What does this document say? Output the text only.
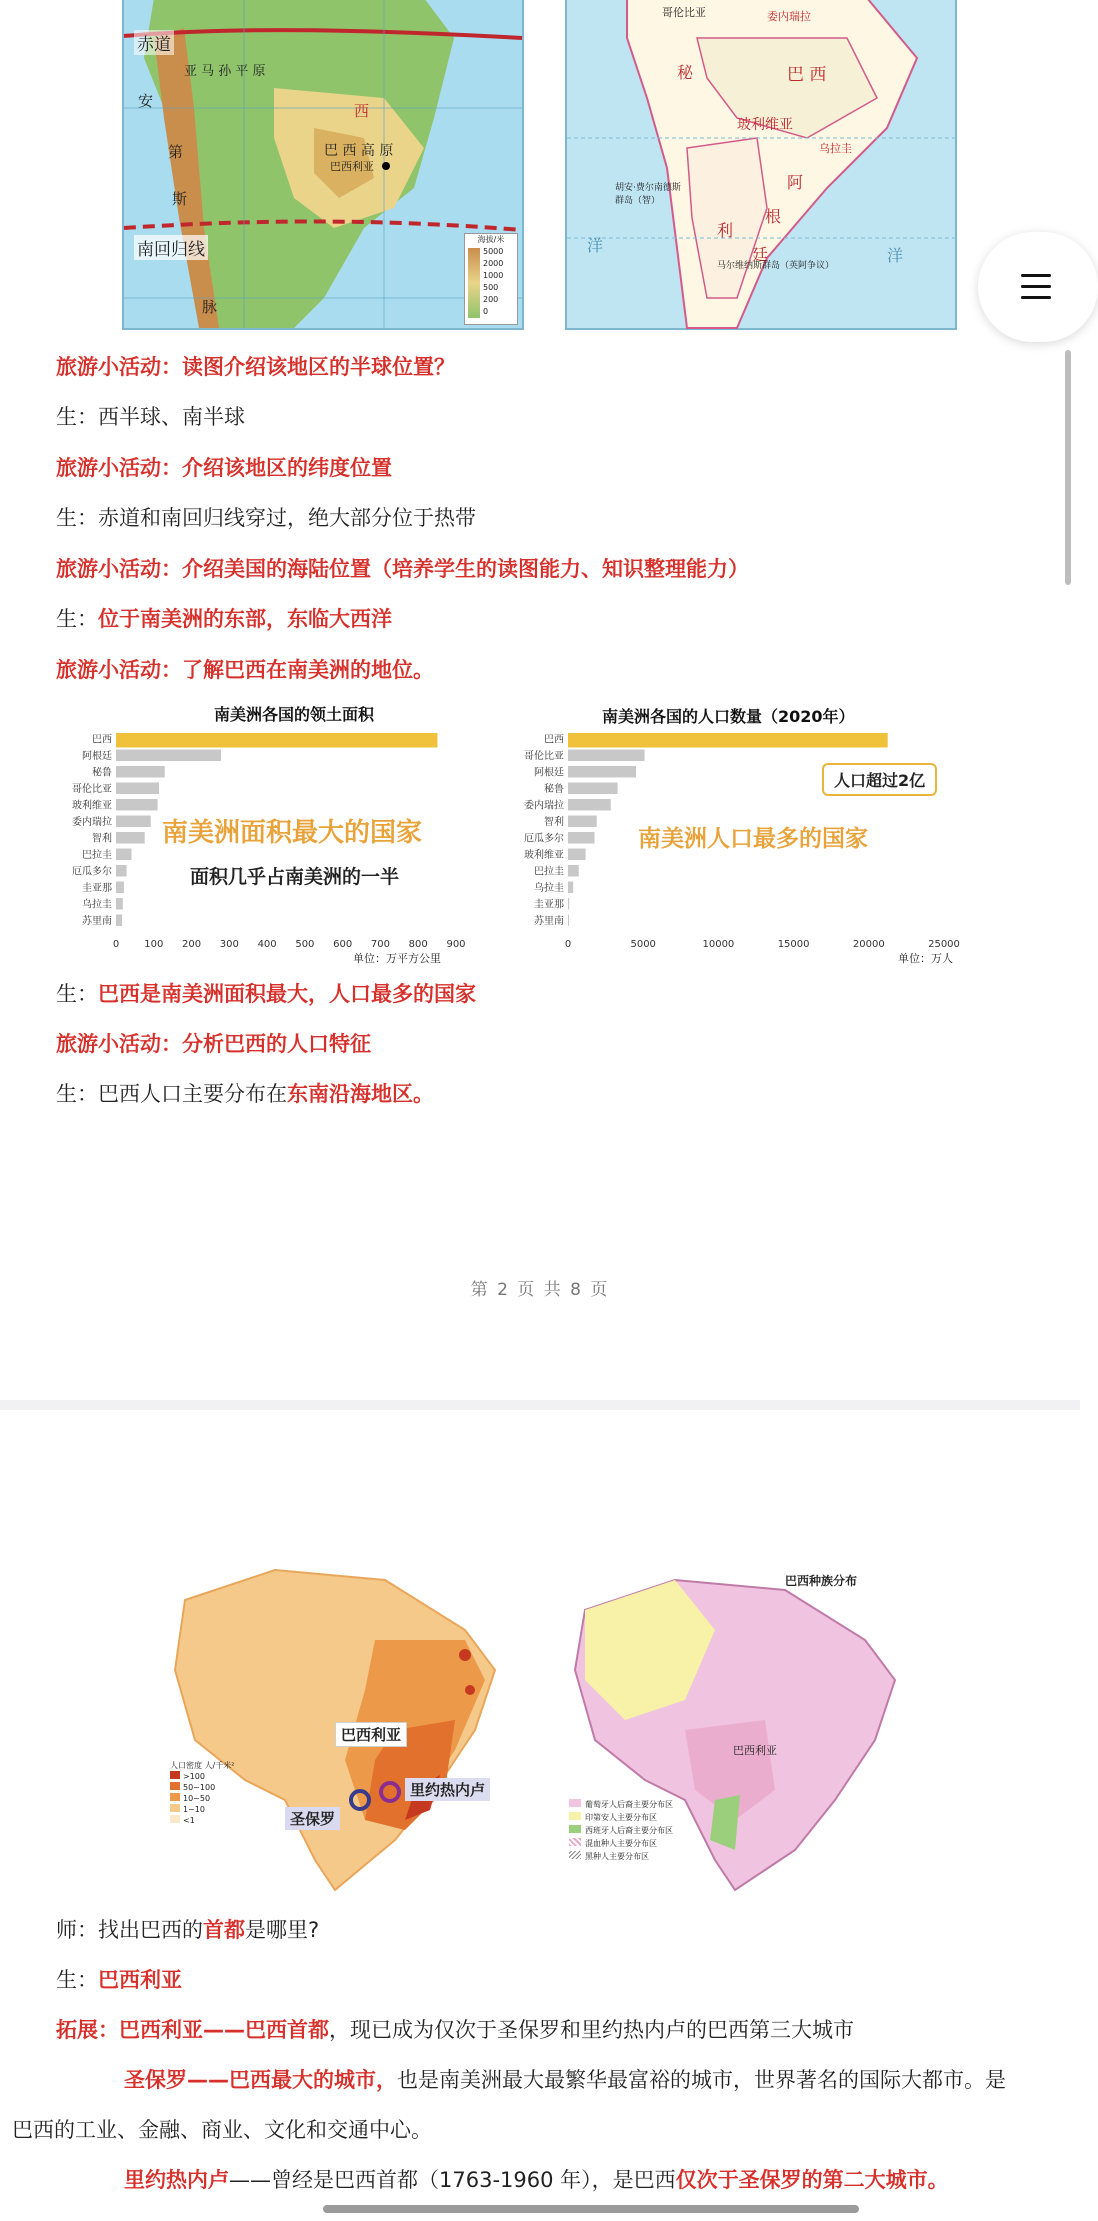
赤道
南回归线
亚 马 孙 平 原
巴 西 高 原
巴西利亚
安
第
斯
脉
西
海拔/米
5000
2000
1000
500
200
0
哥伦比亚	委内瑞拉
秘	巴 西
玻利维亚
阿
根
廷
利
乌拉圭
胡安·费尔南德斯群岛（智）
马尔维纳斯群岛（英阿争议）
洋
洋
旅游小活动：读图介绍该地区的半球位置？
生：西半球、南半球
旅游小活动：介绍该地区的纬度位置
生：赤道和南回归线穿过，绝大部分位于热带
旅游小活动：介绍美国的海陆位置（培养学生的读图能力、知识整理能力）
生：位于南美洲的东部，东临大西洋
旅游小活动：了解巴西在南美洲的地位。
南美洲各国的领土面积
巴西
阿根廷
秘鲁
哥伦比亚
玻利维亚
委内瑞拉
智利
巴拉圭
厄瓜多尔
圭亚那
乌拉圭
苏里南
0	100 200 300 400 500 600 700 800 900
单位：万平方公里
南美洲面积最大的国家
面积几乎占南美洲的一半
南美洲各国的人口数量（2020年）
巴西
哥伦比亚
阿根廷
秘鲁
委内瑞拉
智利
厄瓜多尔
玻利维亚
巴拉圭
乌拉圭
圭亚那
苏里南
0	5000	10000	15000	20000	25000
单位：万人
南美洲人口最多的国家
人口超过2亿
生：巴西是南美洲面积最大，人口最多的国家
旅游小活动：分析巴西的人口特征
生：巴西人口主要分布在东南沿海地区。
第 2 页 共 8 页
巴西利亚
里约热内卢
圣保罗
人口密度 人/千米²
>100
50~100
10~50
1~10
<1
巴西种族分布
巴西利亚
葡萄牙人后裔主要分布区
印第安人主要分布区
西班牙人后裔主要分布区
混血种人主要分布区
黑种人主要分布区
师：找出巴西的首都是哪里?
生：巴西利亚
拓展：巴西利亚——巴西首都，现已成为仅次于圣保罗和里约热内卢的巴西第三大城市
圣保罗——巴西最大的城市，也是南美洲最大最繁华最富裕的城市，世界著名的国际大都市。是
巴西的工业、金融、商业、文化和交通中心。
里约热内卢——曾经是巴西首都（1763-1960 年），是巴西仅次于圣保罗的第二大城市。
